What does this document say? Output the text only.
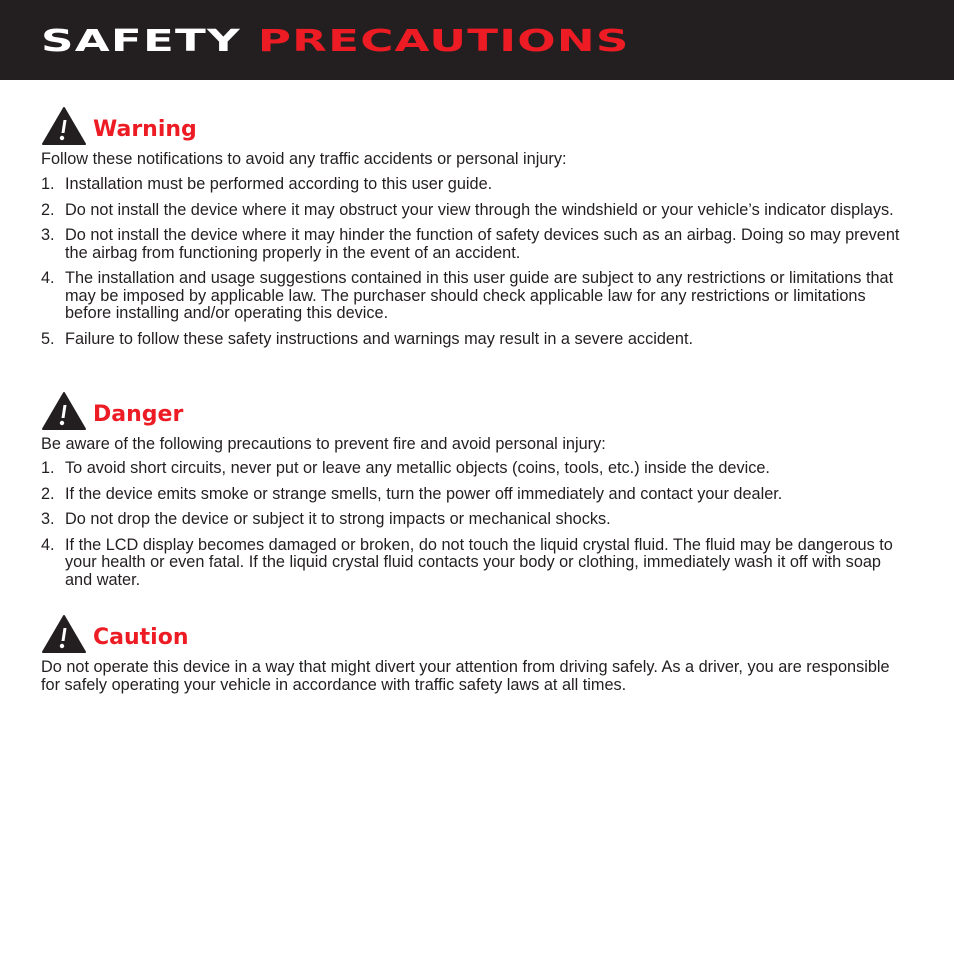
SAFETY PRECAUTIONS
Warning

Follow these notifications to avoid any traffic accidents or personal injury:

1. Installation must be performed according to this user guide.
2. Do not install the device where it may obstruct your view through the windshield or your vehicle’s indicator displays.
3. Do not install the device where it may hinder the function of safety devices such as an airbag. Doing so may prevent the airbag from functioning properly in the event of an accident.
4. The installation and usage suggestions contained in this user guide are subject to any restrictions or limitations that may be imposed by applicable law. The purchaser should check applicable law for any restrictions or limitations before installing and/or operating this device.
5. Failure to follow these safety instructions and warnings may result in a severe accident.
Danger

Be aware of the following precautions to prevent fire and avoid personal injury:

1. To avoid short circuits, never put or leave any metallic objects (coins, tools, etc.) inside the device.
2. If the device emits smoke or strange smells, turn the power off immediately and contact your dealer.
3. Do not drop the device or subject it to strong impacts or mechanical shocks.
4. If the LCD display becomes damaged or broken, do not touch the liquid crystal fluid. The fluid may be dangerous to your health or even fatal. If the liquid crystal fluid contacts your body or clothing, immediately wash it off with soap and water.
Caution

Do not operate this device in a way that might divert your attention from driving safely. As a driver, you are responsible for safely operating your vehicle in accordance with traffic safety laws at all times.
